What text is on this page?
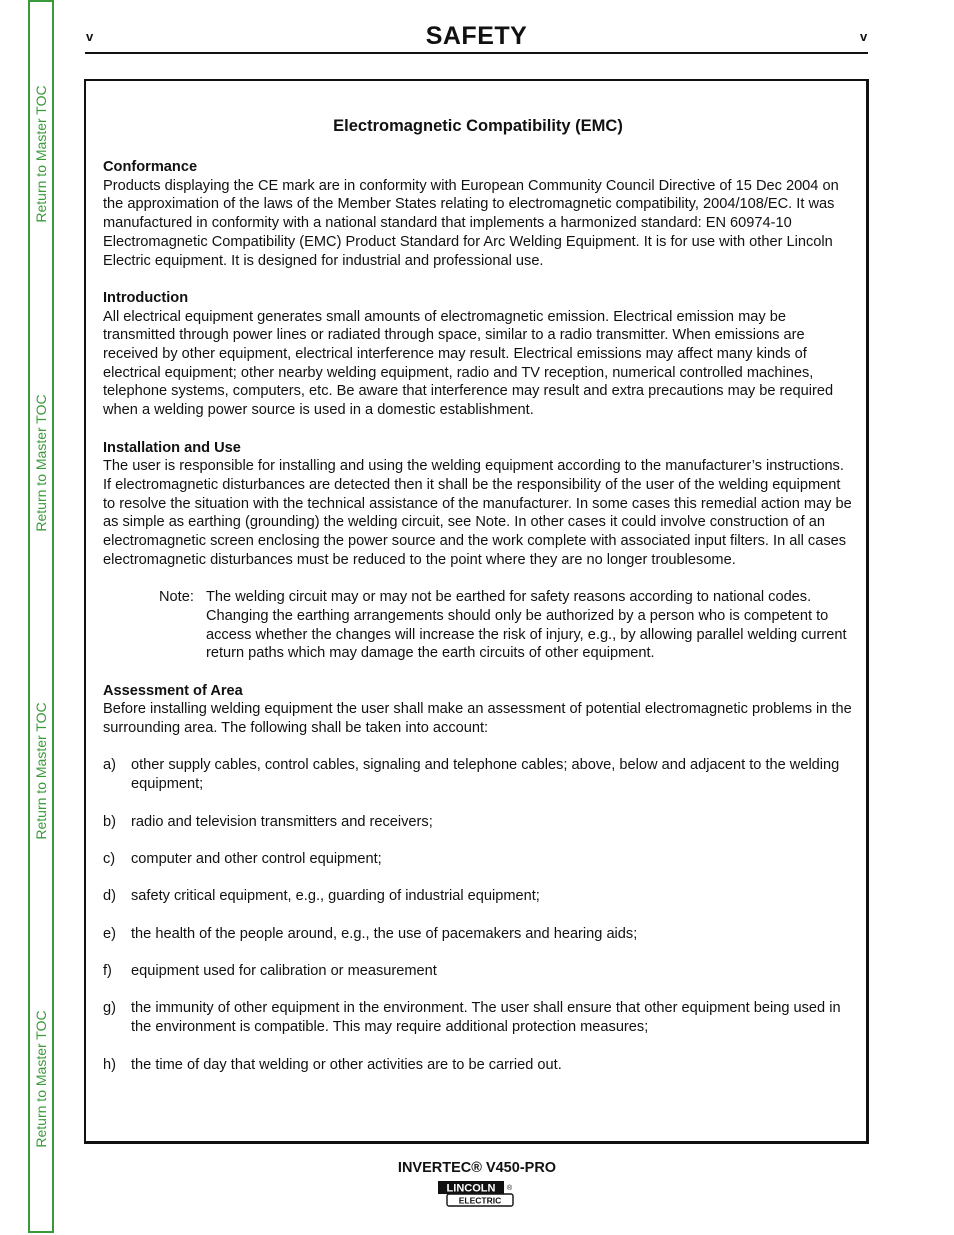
Return to Master TOC
Return to Master TOC
Return to Master TOC
Return to Master TOC
v	SAFETY	v
Electromagnetic Compatibility (EMC)
Conformance
Products displaying the CE mark are in conformity with European Community Council Directive of 15 Dec 2004 on the approximation of the laws of the Member States relating to electromagnetic compatibility, 2004/108/EC. It was manufactured in conformity with a national standard that implements a harmonized standard: EN 60974-10 Electromagnetic Compatibility (EMC) Product Standard for Arc Welding Equipment. It is for use with other Lincoln Electric equipment. It is designed for industrial and professional use.
Introduction
All electrical equipment generates small amounts of electromagnetic emission. Electrical emission may be transmitted through power lines or radiated through space, similar to a radio transmitter. When emissions are received by other equipment, electrical interference may result. Electrical emissions may affect many kinds of electrical equipment; other nearby welding equipment, radio and TV reception, numerical controlled machines, telephone systems, computers, etc. Be aware that interference may result and extra precautions may be required when a welding power source is used in a domestic establishment.
Installation and Use
The user is responsible for installing and using the welding equipment according to the manufacturer’s instructions. If electromagnetic disturbances are detected then it shall be the responsibility of the user of the welding equipment to resolve the situation with the technical assistance of the manufacturer. In some cases this remedial action may be as simple as earthing (grounding) the welding circuit, see Note. In other cases it could involve construction of an electromagnetic screen enclosing the power source and the work complete with associated input filters. In all cases electromagnetic disturbances must be reduced to the point where they are no longer troublesome.
Note: The welding circuit may or may not be earthed for safety reasons according to national codes. Changing the earthing arrangements should only be authorized by a person who is competent to access whether the changes will increase the risk of injury, e.g., by allowing parallel welding current return paths which may damage the earth circuits of other equipment.
Assessment of Area
Before installing welding equipment the user shall make an assessment of potential electromagnetic problems in the surrounding area. The following shall be taken into account:
a) other supply cables, control cables, signaling and telephone cables; above, below and adjacent to the welding equipment;
b) radio and television transmitters and receivers;
c) computer and other control equipment;
d) safety critical equipment, e.g., guarding of industrial equipment;
e) the health of the people around, e.g., the use of pacemakers and hearing aids;
f) equipment used for calibration or measurement
g) the immunity of other equipment in the environment. The user shall ensure that other equipment being used in the environment is compatible. This may require additional protection measures;
h) the time of day that welding or other activities are to be carried out.
INVERTEC® V450-PRO
LINCOLN
ELECTRIC
®
